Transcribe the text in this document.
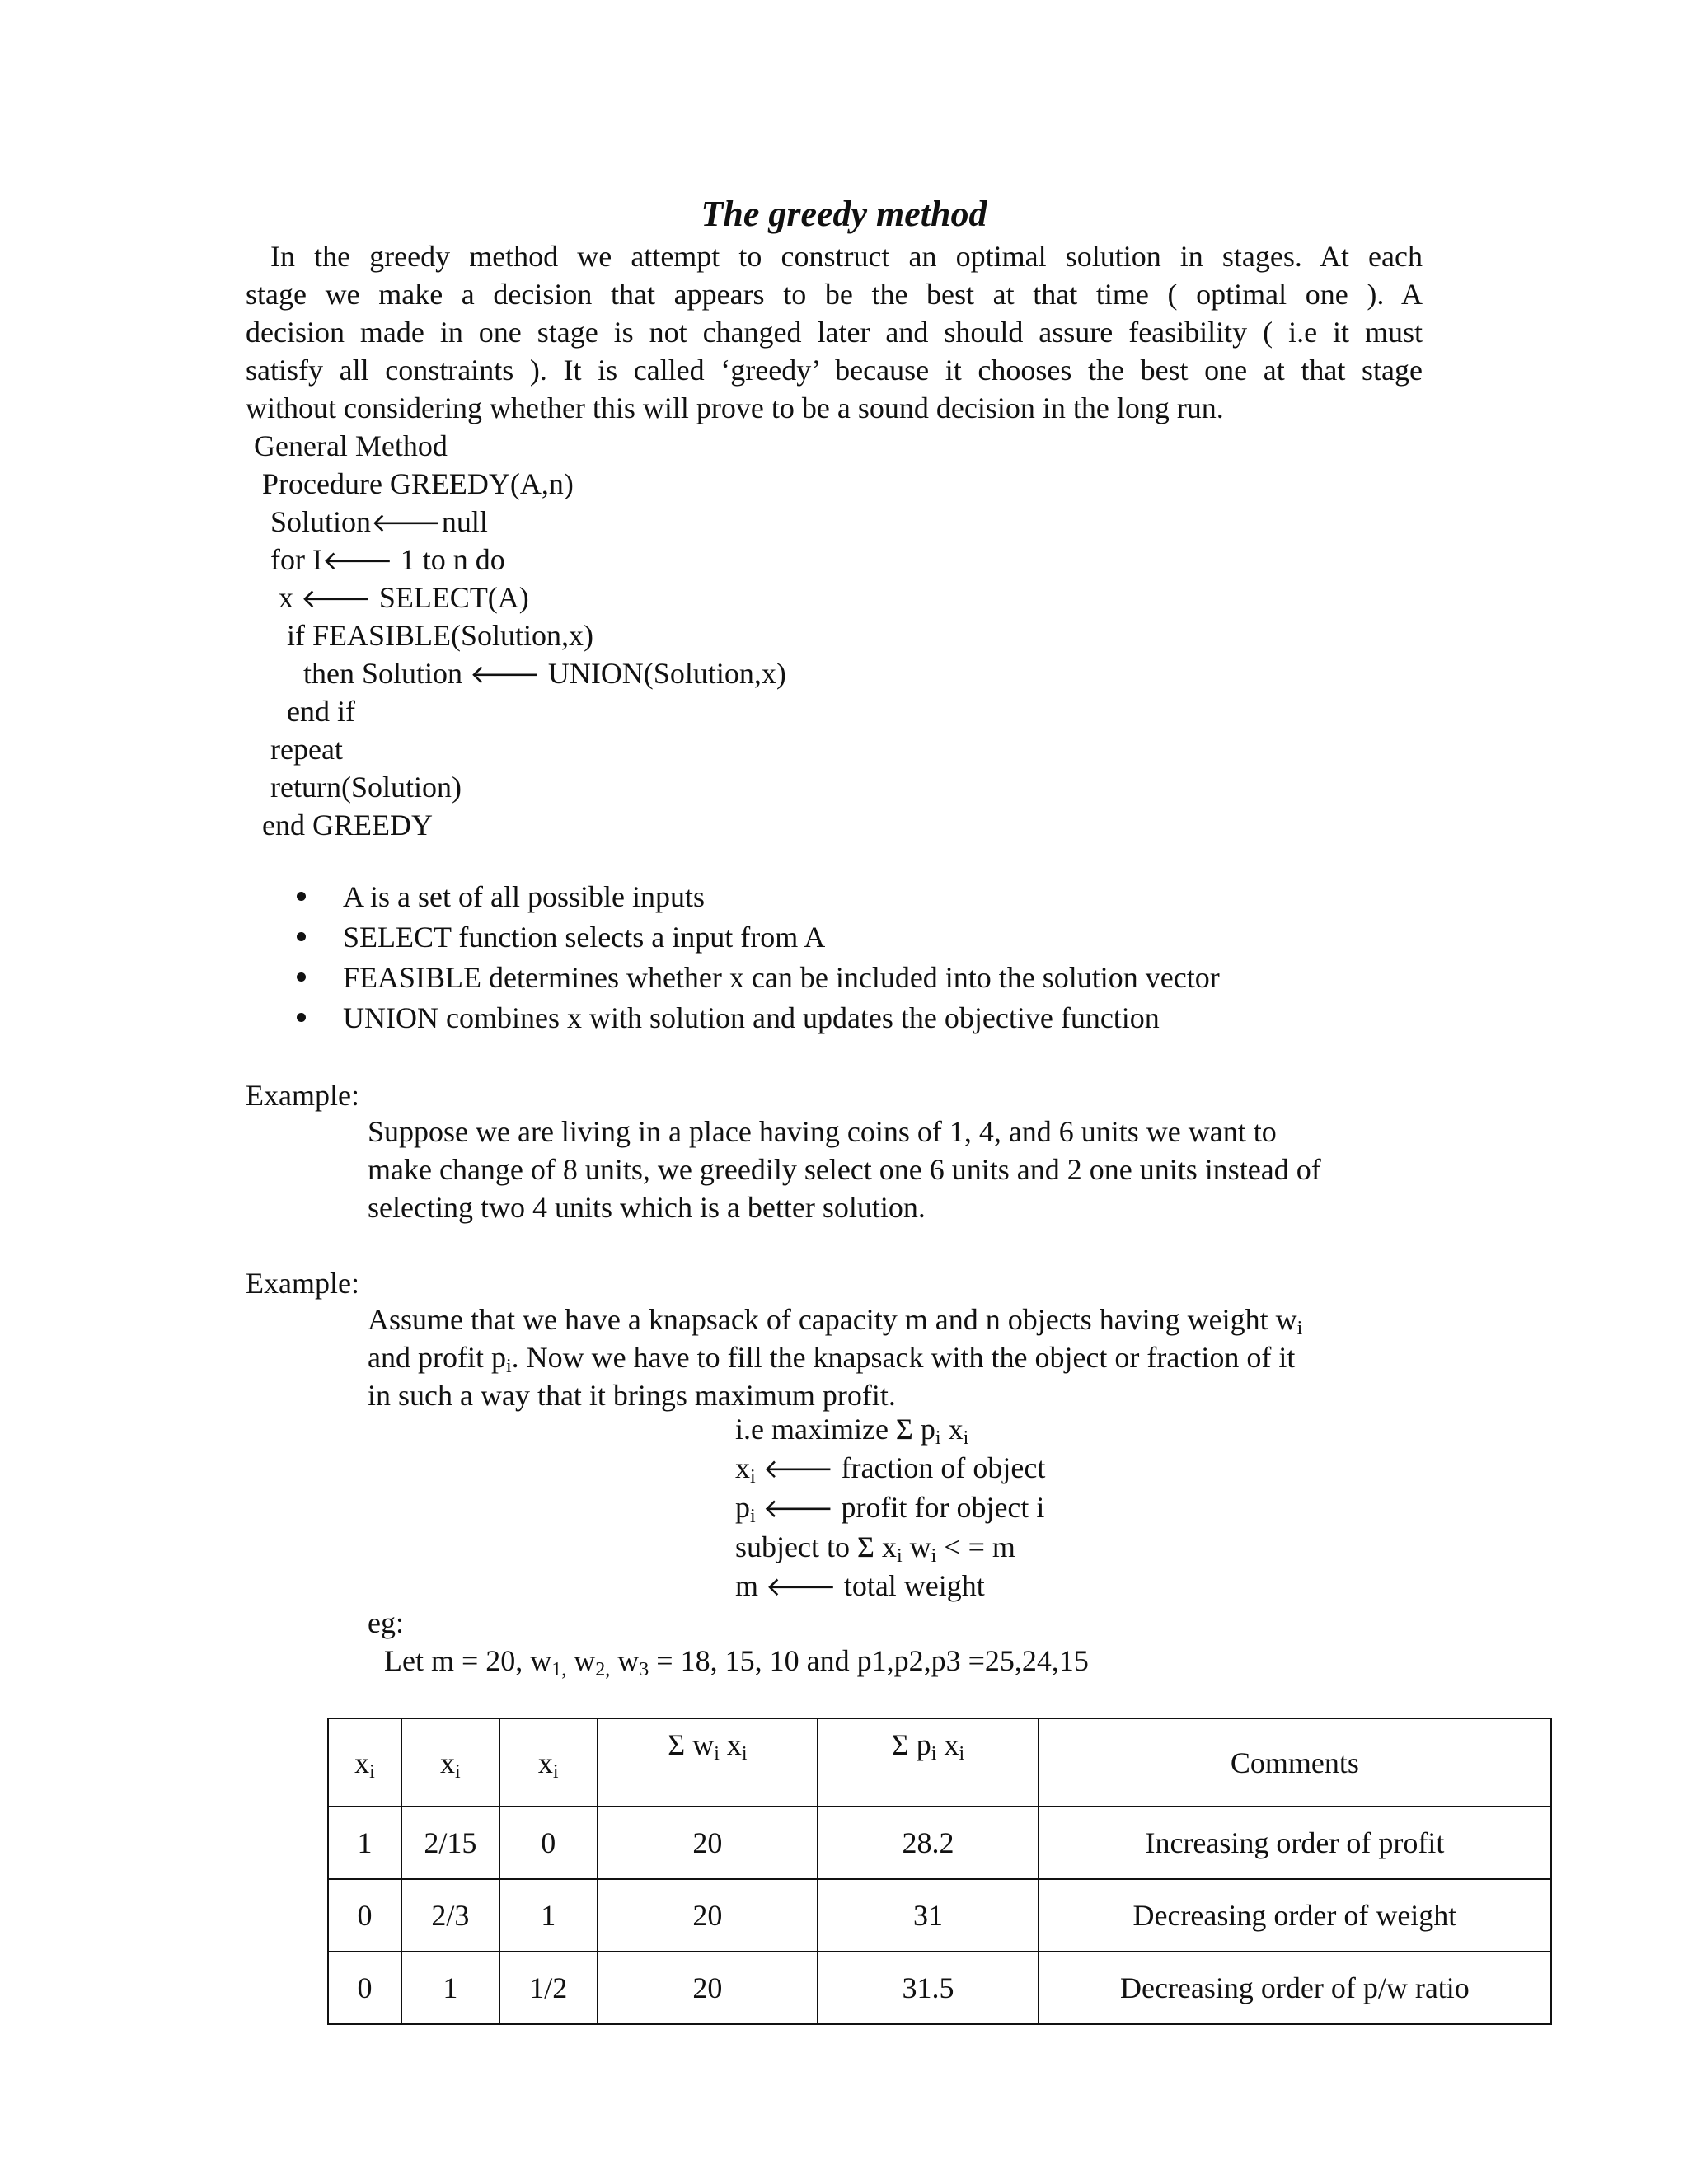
The greedy method
In the greedy method we attempt to construct an optimal solution in stages. At each
stage we make a decision that appears to be the best at that time ( optimal one ). A
decision made in one stage is not changed later and should assure feasibility ( i.e it must
satisfy all constraints ). It is called ‘greedy’ because it chooses the best one at that stage
without considering whether this will prove to be a sound decision in the long run.
General Method
Procedure GREEDY(A,n)
Solution🡐null
for I🡐 1 to n do
x 🡐 SELECT(A)
if FEASIBLE(Solution,x)
then Solution 🡐 UNION(Solution,x)
end if
repeat
return(Solution)
end GREEDY
A is a set of all possible inputs
SELECT function selects a input from A
FEASIBLE determines whether x can be included into the solution vector
UNION combines x with solution and updates the objective function
Example:
Suppose we are living in a place having coins of 1, 4, and 6 units we want to
make change of 8 units, we greedily select one 6 units and 2 one units instead of
selecting two 4 units which is a better solution.
Example:
Assume that we have a knapsack of capacity m and n objects having weight $w_i$
and profit $p_i$. Now we have to fill the knapsack with the object or fraction of it
in such a way that it brings maximum profit.
i.e maximize Σ $p_i$ $x_i$
$x_i$ 🡐 fraction of object
$p_i$ 🡐 profit for object i
subject to Σ $x_i$ $w_i$ < = m
m 🡐 total weight
eg:
Let m = 20, $w_{1,}$ $w_{2,}$ $w_3 = 18$, 15, 10 and p1,p2,p3 =25,24,15
$x_i$	$x_i$	$x_i$	Σ $w_i$ $x_i$	Σ $p_i$ $x_i$	Comments
1	2/15	0	20	28.2	Increasing order of profit
0	2/3	1	20	31	Decreasing order of weight
0	1	1/2	20	31.5	Decreasing order of p/w ratio
